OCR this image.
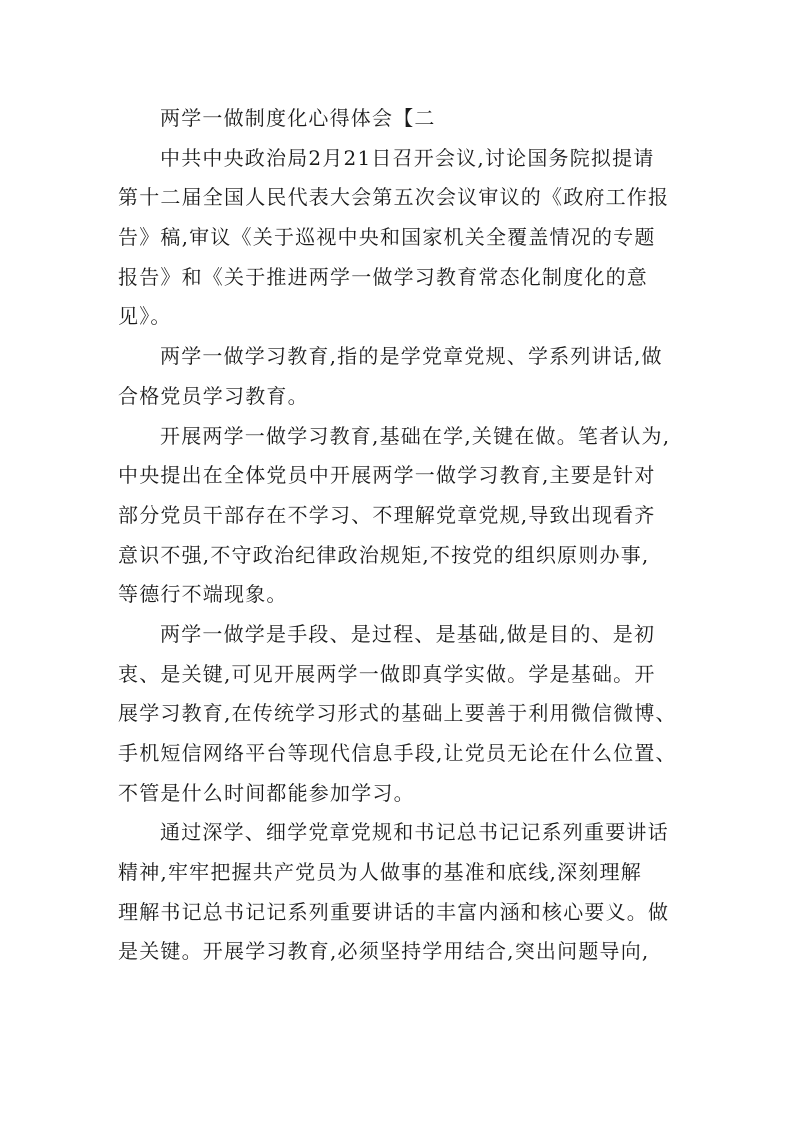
两学一做制度化心得体会【二
中共中央政治局2月21日召开会议,讨论国务院拟提请
第十二届全国人民代表大会第五次会议审议的《政府工作报
告》稿,审议《关于巡视中央和国家机关全覆盖情况的专题
报告》和《关于推进两学一做学习教育常态化制度化的意
见》。
两学一做学习教育,指的是学党章党规、学系列讲话,做
合格党员学习教育。
开展两学一做学习教育,基础在学,关键在做。笔者认为,
中央提出在全体党员中开展两学一做学习教育,主要是针对
部分党员干部存在不学习、不理解党章党规,导致出现看齐
意识不强,不守政治纪律政治规矩,不按党的组织原则办事,
等德行不端现象。
两学一做学是手段、是过程、是基础,做是目的、是初
衷、是关键,可见开展两学一做即真学实做。学是基础。开
展学习教育,在传统学习形式的基础上要善于利用微信微博、
手机短信网络平台等现代信息手段,让党员无论在什么位置、
不管是什么时间都能参加学习。
通过深学、细学党章党规和书记总书记记系列重要讲话
精神,牢牢把握共产党员为人做事的基准和底线,深刻理解
理解书记总书记记系列重要讲话的丰富内涵和核心要义。做
是关键。开展学习教育,必须坚持学用结合,突出问题导向,
